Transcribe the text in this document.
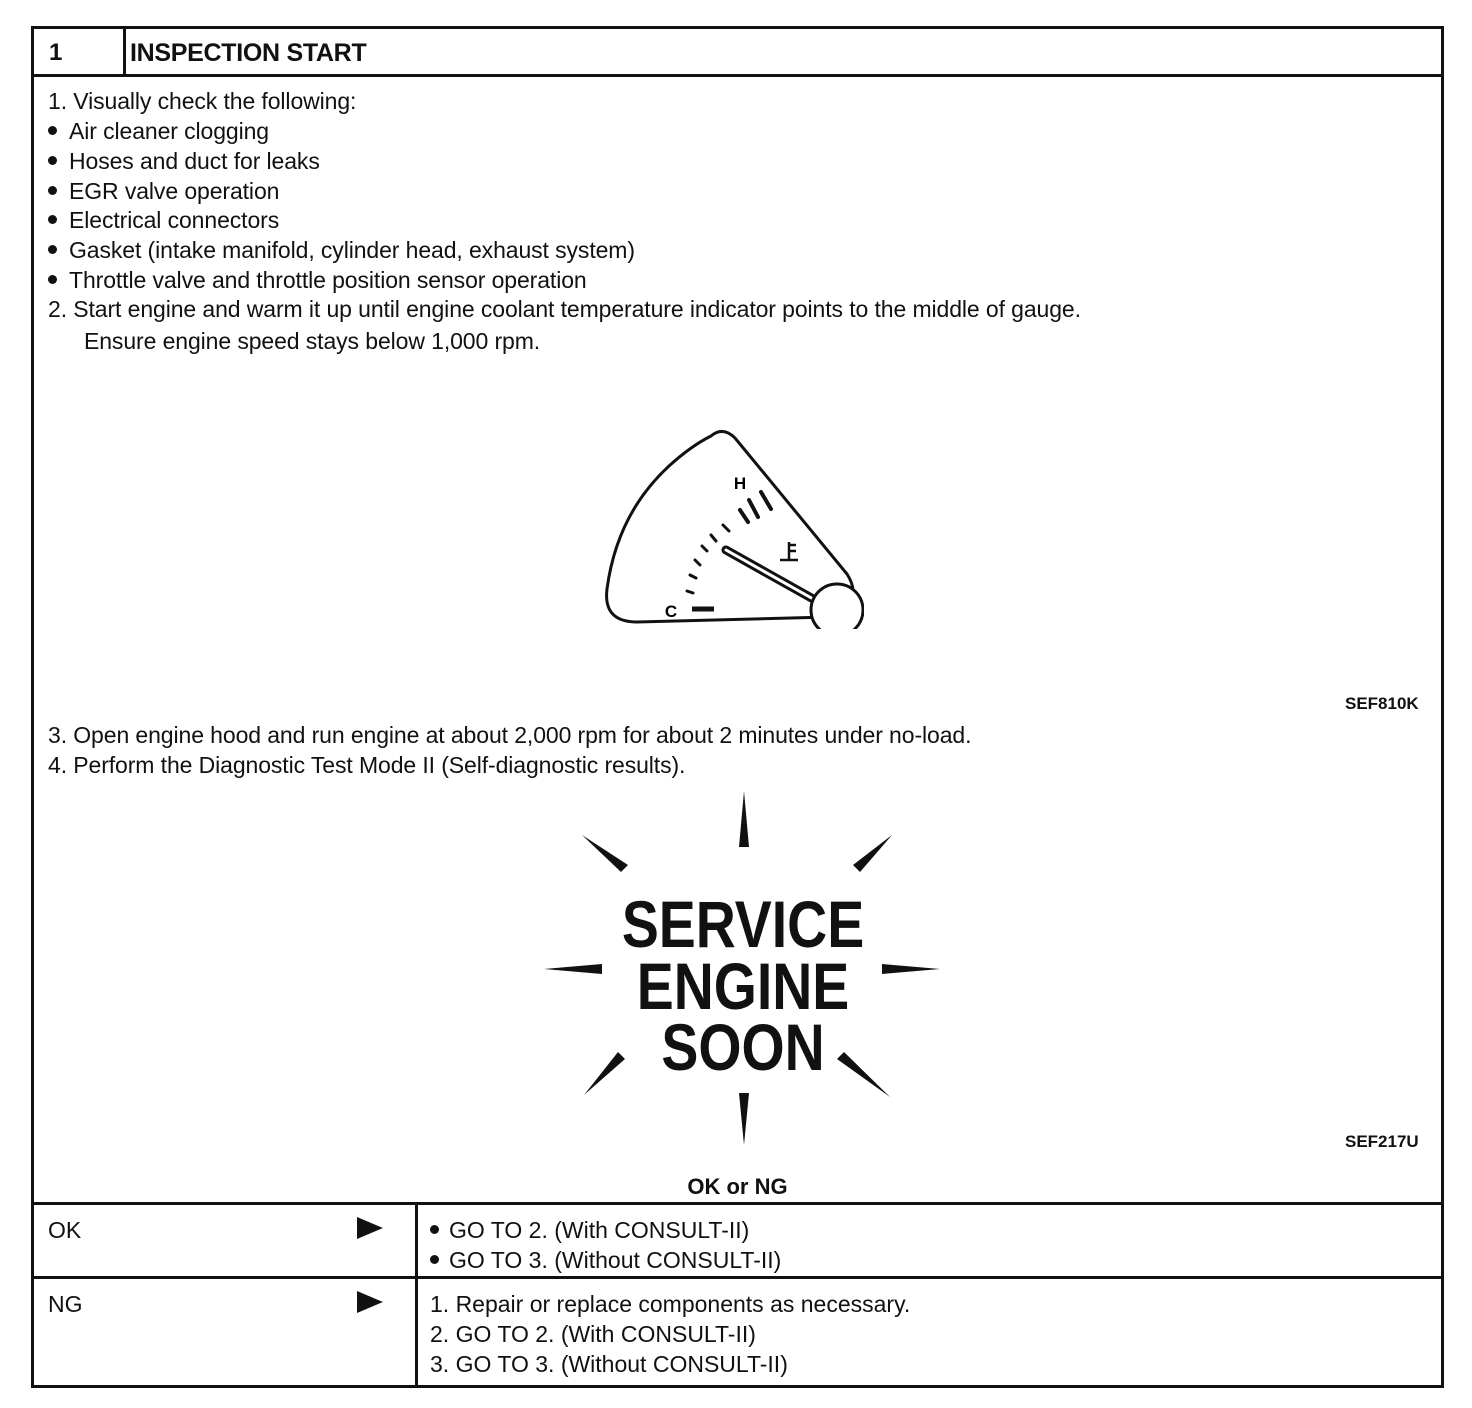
1	INSPECTION START
1. Visually check the following:
Air cleaner clogging
Hoses and duct for leaks
EGR valve operation
Electrical connectors
Gasket (intake manifold, cylinder head, exhaust system)
Throttle valve and throttle position sensor operation
2. Start engine and warm it up until engine coolant temperature indicator points to the middle of gauge.
Ensure engine speed stays below 1,000 rpm.
H
C
SEF810K
3. Open engine hood and run engine at about 2,000 rpm for about 2 minutes under no-load.
4. Perform the Diagnostic Test Mode II (Self-diagnostic results).
SERVICE
ENGINE
SOON
SEF217U
OK or NG
OK	GO TO 2. (With CONSULT-II)
GO TO 3. (Without CONSULT-II)
NG	1. Repair or replace components as necessary.
2. GO TO 2. (With CONSULT-II)
3. GO TO 3. (Without CONSULT-II)
